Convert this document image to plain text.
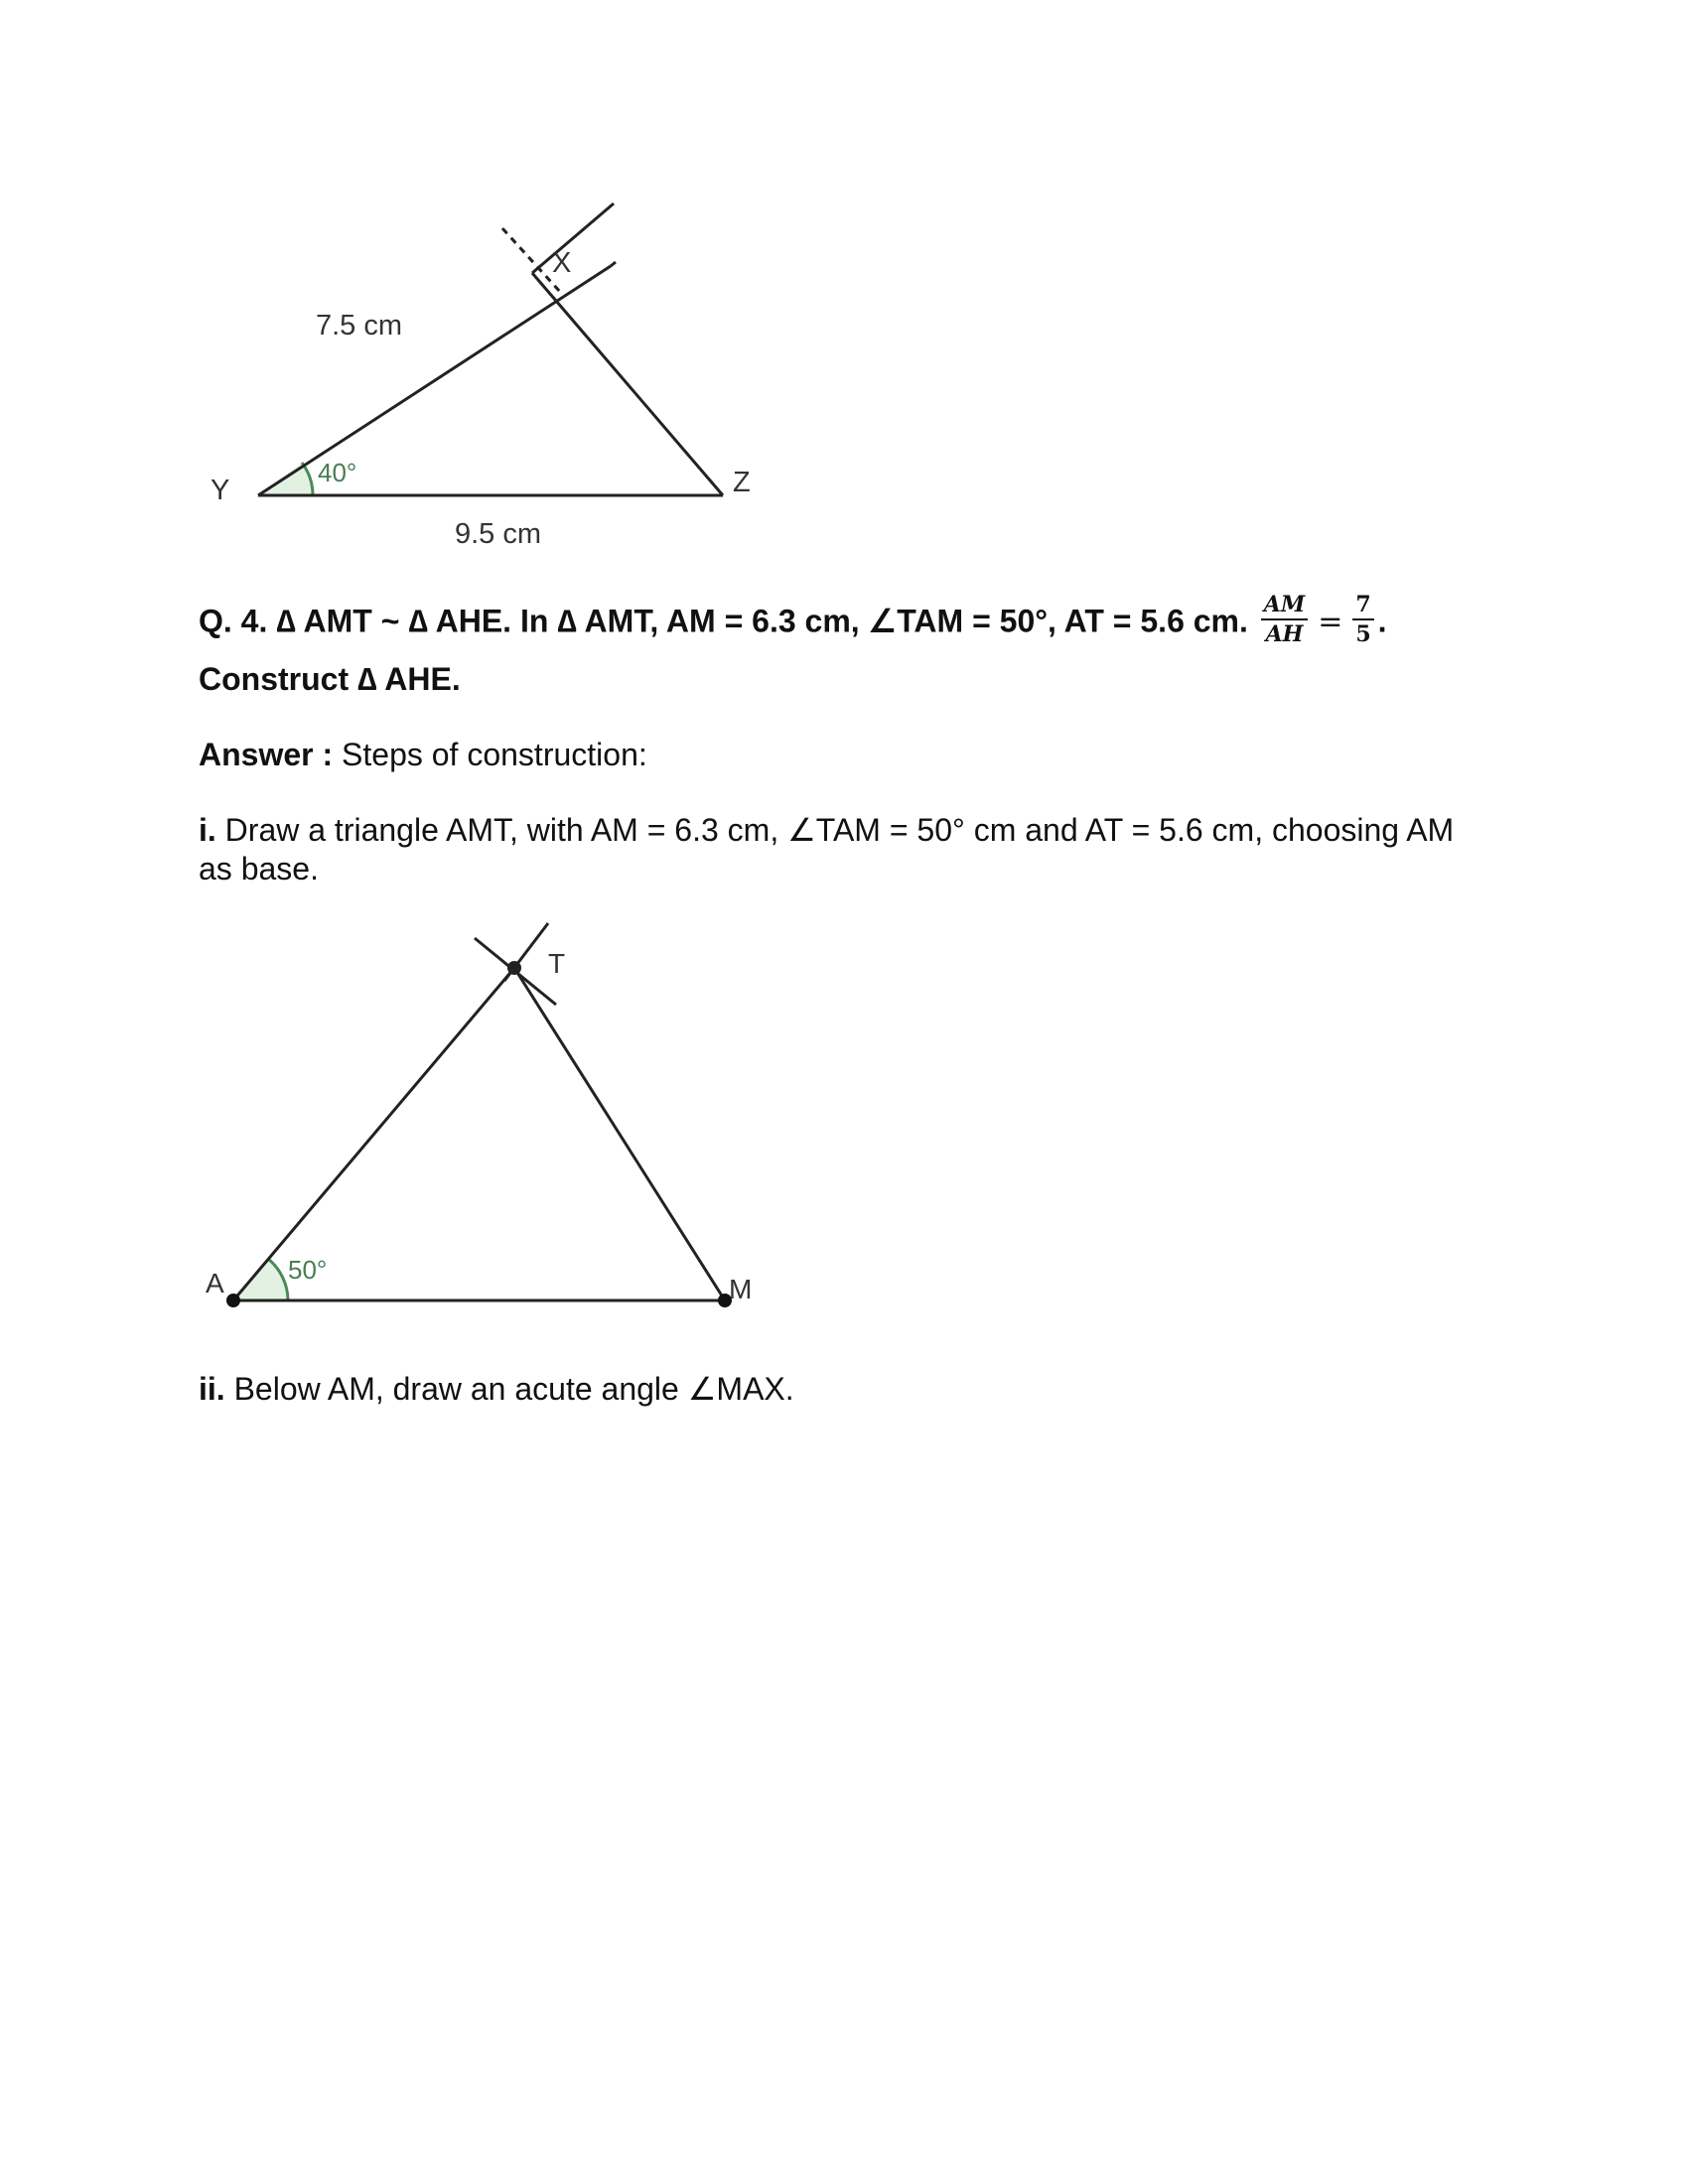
7.5 cm
9.5 cm
40°
Y
X
Z
Q. 4. ∆ AMT ~ ∆ AHE. In ∆ AMT, AM = 6.3 cm, ∠TAM = 50°, AT = 5.6 cm. $\frac{AM}{AH} = \frac{7}{5}$ .
Construct ∆ AHE.
Answer : Steps of construction:
i. Draw a triangle AMT, with AM = 6.3 cm, ∠TAM = 50° cm and AT = 5.6 cm, choosing AM as base.
50°
A	M
T
ii. Below AM, draw an acute angle ∠MAX.
